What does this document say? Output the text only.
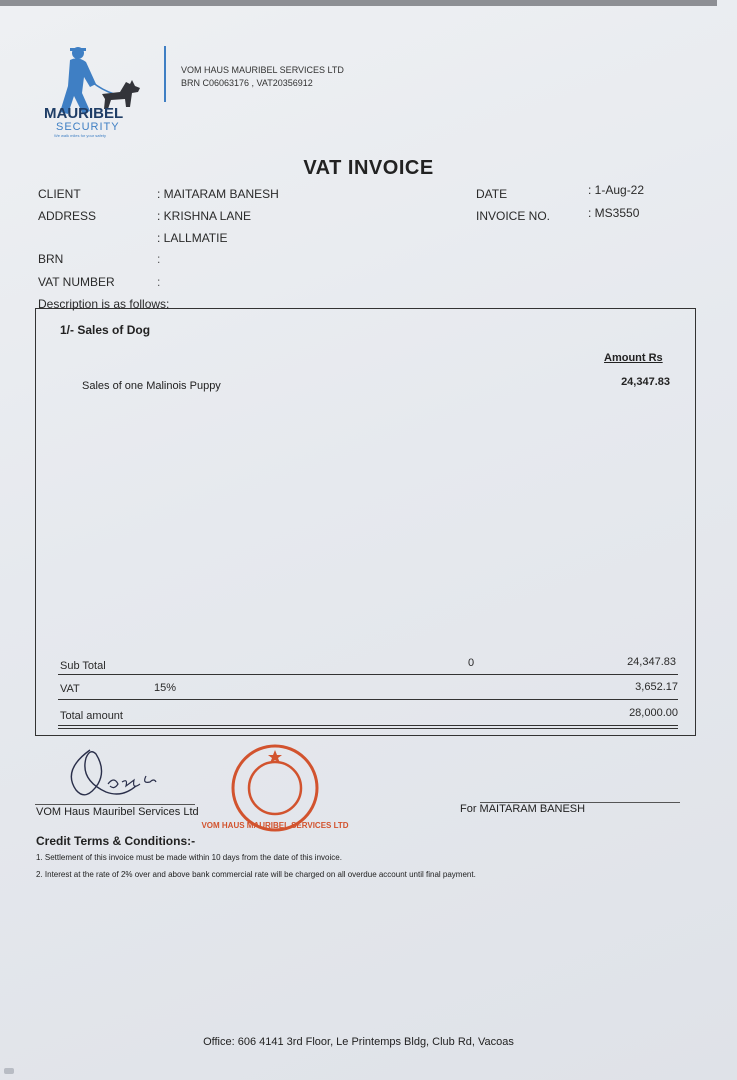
MAURIBEL
SECURITY
We walk miles for your safety
VOM HAUS MAURIBEL SERVICES LTD
BRN C06063176 , VAT20356912
VAT INVOICE
CLIENT	: MAITARAM BANESH
ADDRESS	: KRISHNA LANE
: LALLMATIE
BRN	:
VAT NUMBER	:
DATE	: 1-Aug-22
INVOICE NO.	: MS3550
Description is as follows:
1/- Sales of Dog
Amount Rs
Sales of one Malinois Puppy	24,347.83
Sub Total	0	24,347.83
VAT	15%	3,652.17
Total amount	28,000.00
VOM HAUS MAURIBEL SERVICES LTD
VOM Haus Mauribel Services Ltd	For MAITARAM BANESH
Credit Terms & Conditions:-
1. Settlement of this invoice must be made within 10 days from the date of this invoice.
2. Interest at the rate of 2% over and above bank commercial rate will be charged on all overdue account until final payment.
Office: 606 4141 3rd Floor, Le Printemps Bldg, Club Rd, Vacoas
